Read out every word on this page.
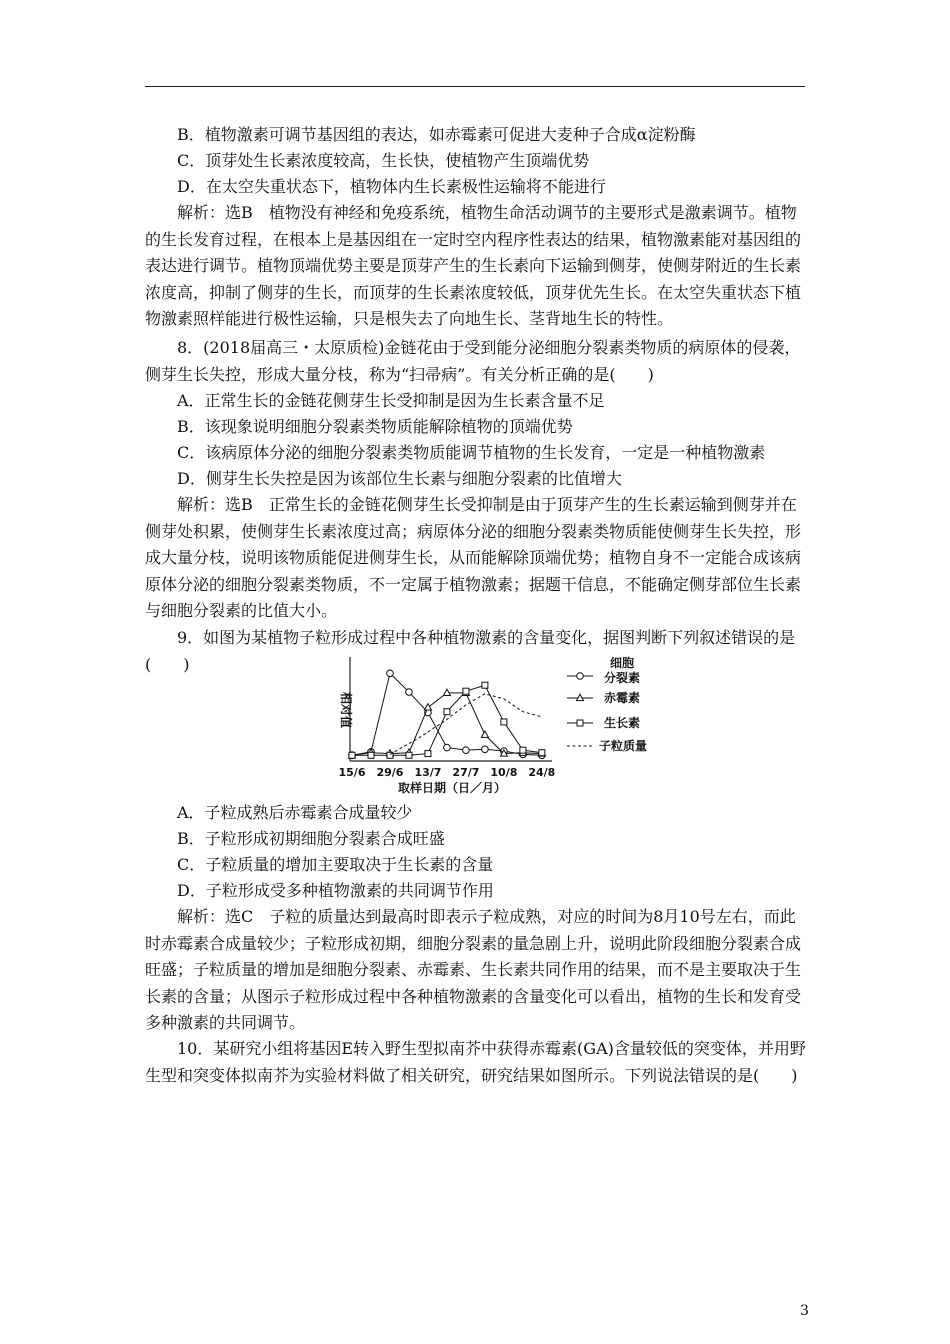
B．植物激素可调节基因组的表达，如赤霉素可促进大麦种子合成α淀粉酶

C．顶芽处生长素浓度较高，生长快，使植物产生顶端优势

D．在太空失重状态下，植物体内生长素极性运输将不能进行

解析：选B　植物没有神经和免疫系统，植物生命活动调节的主要形式是激素调节。植物的生长发育过程，在根本上是基因组在一定时空内程序性表达的结果，植物激素能对基因组的表达进行调节。植物顶端优势主要是顶芽产生的生长素向下运输到侧芽，使侧芽附近的生长素浓度高，抑制了侧芽的生长，而顶芽的生长素浓度较低，顶芽优先生长。在太空失重状态下植物激素照样能进行极性运输，只是根失去了向地生长、茎背地生长的特性。

8．(2018届高三・太原质检)金链花由于受到能分泌细胞分裂素类物质的病原体的侵袭，侧芽生长失控，形成大量分枝，称为“扫帚病”。有关分析正确的是(　　)

A．正常生长的金链花侧芽生长受抑制是因为生长素含量不足

B．该现象说明细胞分裂素类物质能解除植物的顶端优势

C．该病原体分泌的细胞分裂素类物质能调节植物的生长发育，一定是一种植物激素

D．侧芽生长失控是因为该部位生长素与细胞分裂素的比值增大

解析：选B　正常生长的金链花侧芽生长受抑制是由于顶芽产生的生长素运输到侧芽并在侧芽处积累，使侧芽生长素浓度过高；病原体分泌的细胞分裂素类物质能使侧芽生长失控，形成大量分枝，说明该物质能促进侧芽生长，从而能解除顶端优势；植物自身不一定能合成该病原体分泌的细胞分裂素类物质，不一定属于植物激素；据题干信息，不能确定侧芽部位生长素与细胞分裂素的比值大小。

9．如图为某植物子粒形成过程中各种植物激素的含量变化，据图判断下列叙述错误的是(　　)

相对值
取样日期（日／月）
15/6 29/6 13/7 27/7 10/8 24/8
细胞
分裂素
赤霉素
生长素
子粒质量

A．子粒成熟后赤霉素合成量较少

B．子粒形成初期细胞分裂素合成旺盛

C．子粒质量的增加主要取决于生长素的含量

D．子粒形成受多种植物激素的共同调节作用

解析：选C　子粒的质量达到最高时即表示子粒成熟，对应的时间为8月10号左右，而此时赤霉素合成量较少；子粒形成初期，细胞分裂素的量急剧上升，说明此阶段细胞分裂素合成旺盛；子粒质量的增加是细胞分裂素、赤霉素、生长素共同作用的结果，而不是主要取决于生长素的含量；从图示子粒形成过程中各种植物激素的含量变化可以看出，植物的生长和发育受多种激素的共同调节。

10．某研究小组将基因E转入野生型拟南芥中获得赤霉素(GA)含量较低的突变体，并用野生型和突变体拟南芥为实验材料做了相关研究，研究结果如图所示。下列说法错误的是(　　)

3
